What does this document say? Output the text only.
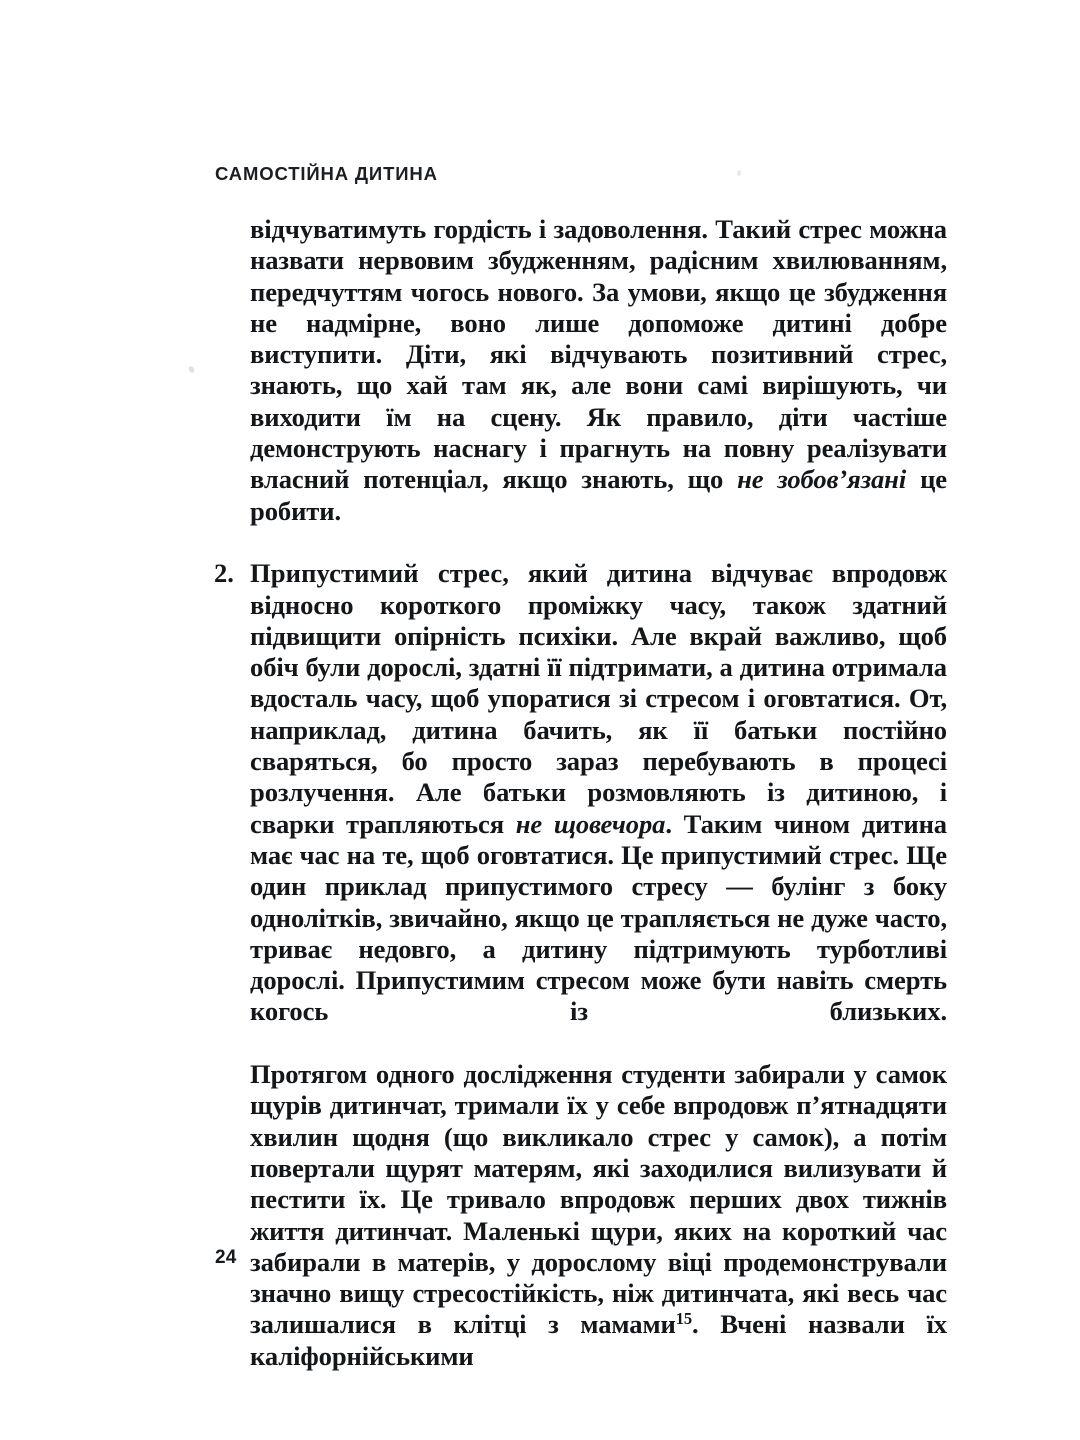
САМОСТІЙНА ДИТИНА

відчуватимуть гордість і задоволення. Такий стрес можна назвати нервовим збудженням, радісним хвилюванням, передчуттям чогось нового. За умови, якщо це збудження не надмірне, воно лише допоможе дитині добре виступити. Діти, які відчувають позитивний стрес, знають, що хай там як, але вони самі вирішують, чи виходити їм на сцену. Як правило, діти частіше демонструють наснагу і прагнуть на повну реалізувати власний потенціал, якщо знають, що не зобов’язані це робити.

2. Припустимий стрес, який дитина відчуває впродовж відносно короткого проміжку часу, також здатний підвищити опірність психіки. Але вкрай важливо, щоб обіч були дорослі, здатні її підтримати, а дитина отримала вдосталь часу, щоб упоратися зі стресом і оговтатися. От, наприклад, дитина бачить, як її батьки постійно сваряться, бо просто зараз перебувають в процесі розлучення. Але батьки розмовляють із дитиною, і сварки трапляються не щовечора. Таким чином дитина має час на те, щоб оговтатися. Це припустимий стрес. Ще один приклад припустимого стресу — булінг з боку однолітків, звичайно, якщо це трапляється не дуже часто, триває недовго, а дитину підтримують турботливі дорослі. Припустимим стресом може бути навіть смерть когось із близьких.

Протягом одного дослідження студенти забирали у самок щурів дитинчат, тримали їх у себе впродовж п’ятнадцяти хвилин щодня (що викликало стрес у самок), а потім повертали щурят матерям, які заходилися вилизувати й пестити їх. Це тривало впродовж перших двох тижнів життя дитинчат. Маленькі щури, яких на короткий час забирали в матерів, у дорослому віці продемонстрували значно вищу стресостійкість, ніж дитинчата, які весь час залишалися в клітці з мамами$^{15}$. Вчені назвали їх каліфорнійськими

24
